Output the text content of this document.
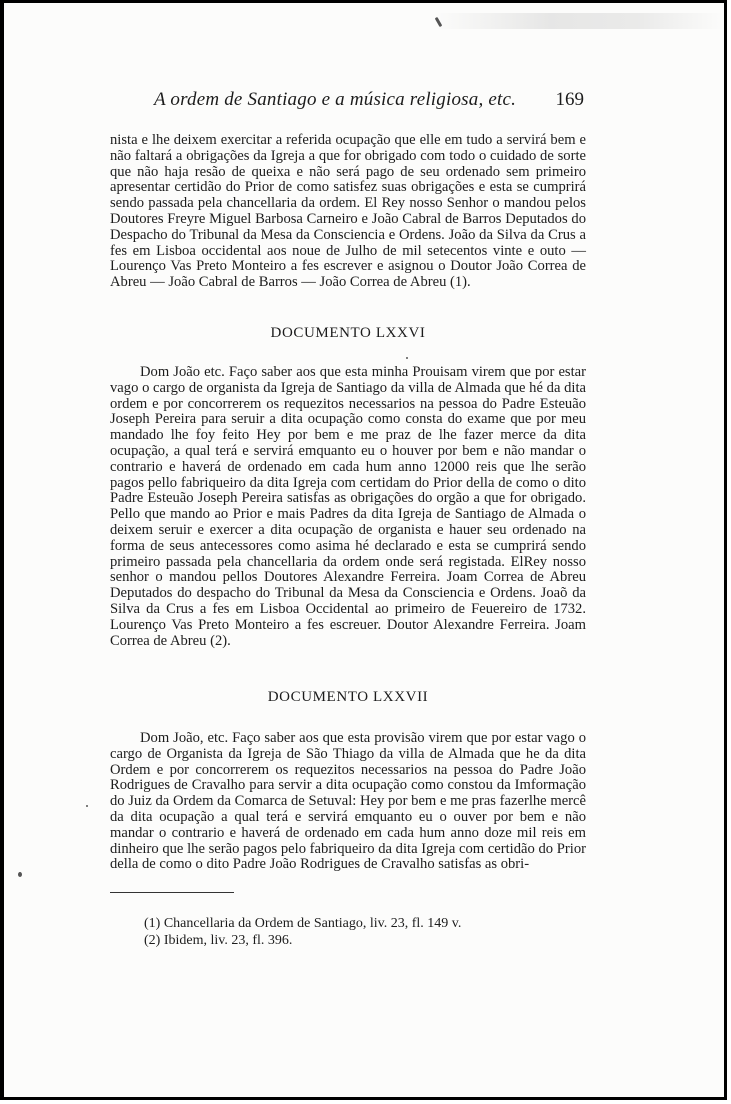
A ordem de Santiago e a música religiosa, etc. 169

nista e lhe deixem exercitar a referida ocupação que elle em tudo a servirá bem e não faltará a obrigações da Igreja a que for obrigado com todo o cuidado de sorte que não haja resão de queixa e não será pago de seu ordenado sem primeiro apresentar certidão do Prior de como satisfez suas obrigações e esta se cumprirá sendo passada pela chancellaria da ordem. El Rey nosso Senhor o mandou pelos Doutores Freyre Miguel Barbosa Carneiro e João Cabral de Barros Deputados do Despacho do Tribunal da Mesa da Consciencia e Ordens. João da Silva da Crus a fes em Lisboa occidental aos noue de Julho de mil setecentos vinte e outo — Lourenço Vas Preto Monteiro a fes escrever e asignou o Doutor João Correa de Abreu — João Cabral de Barros — João Correa de Abreu (1).

DOCUMENTO LXXVI

Dom João etc. Faço saber aos que esta minha Prouisam virem que por estar vago o cargo de organista da Igreja de Santiago da villa de Almada que hé da dita ordem e por concorrerem os requezitos necessarios na pessoa do Padre Esteuão Joseph Pereira para seruir a dita ocupação como consta do exame que por meu mandado lhe foy feito Hey por bem e me praz de lhe fazer merce da dita ocupação, a qual terá e servirá emquanto eu o houver por bem e não mandar o contrario e haverá de ordenado em cada hum anno 12000 reis que lhe serão pagos pello fabriqueiro da dita Igreja com certidam do Prior della de como o dito Padre Esteuão Joseph Pereira satisfas as obrigações do orgão a que for obrigado. Pello que mando ao Prior e mais Padres da dita Igreja de Santiago de Almada o deixem seruir e exercer a dita ocupação de organista e hauer seu ordenado na forma de seus antecessores como asima hé declarado e esta se cumprirá sendo primeiro passada pela chancellaria da ordem onde será registada. ElRey nosso senhor o mandou pellos Doutores Alexandre Ferreira. Joam Correa de Abreu Deputados do despacho do Tribunal da Mesa da Consciencia e Ordens. Joaõ da Silva da Crus a fes em Lisboa Occidental ao primeiro de Feuereiro de 1732. Lourenço Vas Preto Monteiro a fes escreuer. Doutor Alexandre Ferreira. Joam Correa de Abreu (2).

DOCUMENTO LXXVII

Dom João, etc. Faço saber aos que esta provisão virem que por estar vago o cargo de Organista da Igreja de São Thiago da villa de Almada que he da dita Ordem e por concorrerem os requezitos necessarios na pessoa do Padre João Rodrigues de Cravalho para servir a dita ocupação como constou da Imformação do Juiz da Ordem da Comarca de Setuval: Hey por bem e me pras fazerlhe mercê da dita ocupação a qual terá e servirá emquanto eu o ouver por bem e não mandar o contrario e haverá de ordenado em cada hum anno doze mil reis em dinheiro que lhe serão pagos pelo fabriqueiro da dita Igreja com certidão do Prior della de como o dito Padre João Rodrigues de Cravalho satisfas as obri-

(1) Chancellaria da Ordem de Santiago, liv. 23, fl. 149 v.
(2) Ibidem, liv. 23, fl. 396.
